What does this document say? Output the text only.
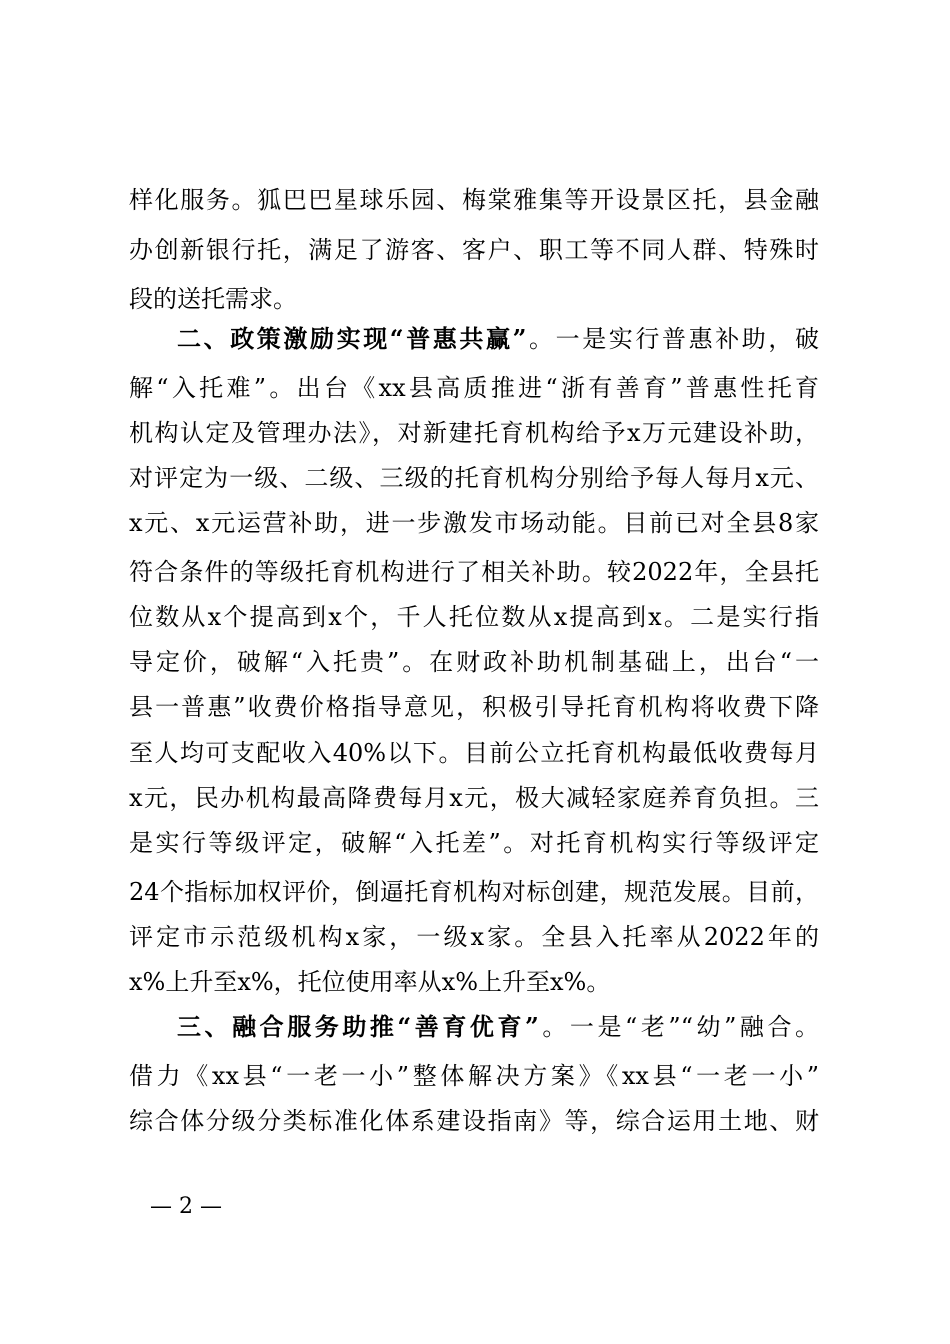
样化服务。狐巴巴星球乐园、梅棠雅集等开设景区托，县金融
办创新银行托，满足了游客、客户、职工等不同人群、特殊时
段的送托需求。
二、政策激励实现“普惠共赢”。一是实行普惠补助，破
解“入托难”。出台《xx县高质推进“浙有善育”普惠性托育
机构认定及管理办法》，对新建托育机构给予x万元建设补助，
对评定为一级、二级、三级的托育机构分别给予每人每月x元、
x元、x元运营补助，进一步激发市场动能。目前已对全县8家
符合条件的等级托育机构进行了相关补助。较2022年，全县托
位数从x个提高到x个，千人托位数从x提高到x。二是实行指
导定价，破解“入托贵”。在财政补助机制基础上，出台“一
县一普惠”收费价格指导意见，积极引导托育机构将收费下降
至人均可支配收入40%以下。目前公立托育机构最低收费每月
x元，民办机构最高降费每月x元，极大减轻家庭养育负担。三
是实行等级评定，破解“入托差”。对托育机构实行等级评定
24个指标加权评价，倒逼托育机构对标创建，规范发展。目前，
评定市示范级机构x家，一级x家。全县入托率从2022年的
x%上升至x%，托位使用率从x%上升至x%。
三、融合服务助推“善育优育”。一是“老”“幼”融合。
借力《xx县“一老一小”整体解决方案》《xx县“一老一小”
综合体分级分类标准化体系建设指南》等，综合运用土地、财
— 2 —
